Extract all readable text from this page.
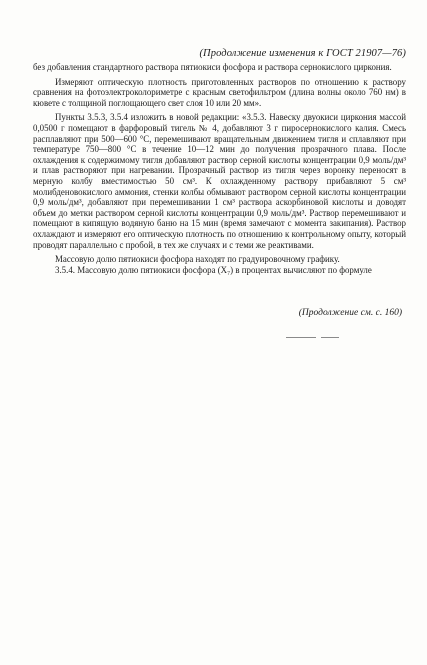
(Продолжение изменения к ГОСТ 21907—76)

без добавления стандартного раствора пятиокиси фосфора и раствора сернокислого циркония.

Измеряют оптическую плотность приготовленных растворов по отношению к раствору сравнения на фотоэлектроколориметре с красным светофильтром (длина волны около 760 нм) в кювете с толщиной поглощающего свет слоя 10 или 20 мм».

Пункты 3.5.3, 3.5.4 изложить в новой редакции: «3.5.3. Навеску двуокиси циркония массой 0,0500 г помещают в фарфоровый тигель № 4, добавляют 3 г пиросернокислого калия. Смесь расплавляют при 500—600 °С, перемешивают вращательным движением тигля и сплавляют при температуре 750—800 °С в течение 10—12 мин до получения прозрачного плава. После охлаждения к содержимому тигля добавляют раствор серной кислоты концентрации 0,9 моль/дм³ и плав растворяют при нагревании. Прозрачный раствор из тигля через воронку переносят в мерную колбу вместимостью 50 см³. К охлажденному раствору прибавляют 5 см³ молибденовокислого аммония, стенки колбы обмывают раствором серной кислоты концентрации 0,9 моль/дм³, добавляют при перемешивании 1 см³ раствора аскорбиновой кислоты и доводят объем до метки раствором серной кислоты концентрации 0,9 моль/дм³. Раствор перемешивают и помещают в кипящую водяную баню на 15 мин (время замечают с момента закипания). Раствор охлаждают и измеряют его оптическую плотность по отношению к контрольному опыту, который проводят параллельно с пробой, в тех же случаях и с теми же реактивами.

Массовую долю пятиокиси фосфора находят по градуировочному графику.

3.5.4. Массовую долю пятиокиси фосфора (X₇) в процентах вычисляют по формуле

(Продолжение см. с. 160)
